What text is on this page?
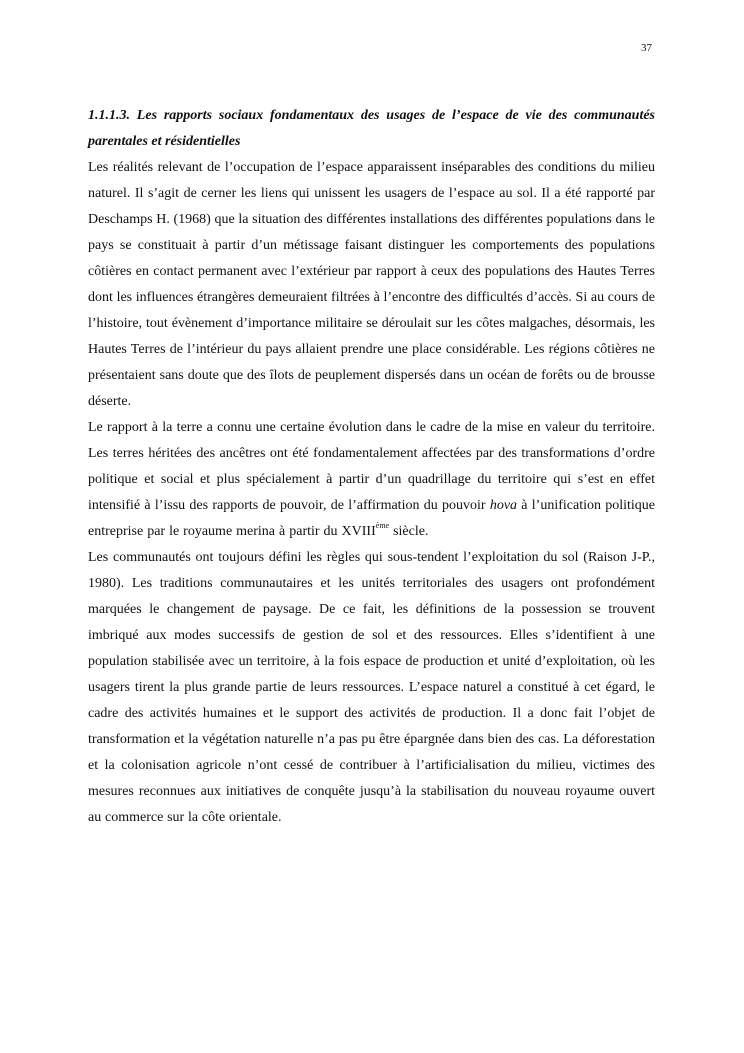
37

1.1.1.3. Les rapports sociaux fondamentaux des usages de l’espace de vie des communautés parentales et résidentielles

Les réalités relevant de l’occupation de l’espace apparaissent inséparables des conditions du milieu naturel. Il s’agit de cerner les liens qui unissent les usagers de l’espace au sol. Il a été rapporté par Deschamps H. (1968) que la situation des différentes installations des différentes populations dans le pays se constituait à partir d’un métissage faisant distinguer les comportements des populations côtières en contact permanent avec l’extérieur par rapport à ceux des populations des Hautes Terres dont les influences étrangères demeuraient filtrées à l’encontre des difficultés d’accès. Si au cours de l’histoire, tout évènement d’importance militaire se déroulait sur les côtes malgaches, désormais, les Hautes Terres de l’intérieur du pays allaient prendre une place considérable. Les régions côtières ne présentaient sans doute que des îlots de peuplement dispersés dans un océan de forêts ou de brousse déserte.

Le rapport à la terre a connu une certaine évolution dans le cadre de la mise en valeur du territoire. Les terres héritées des ancêtres ont été fondamentalement affectées par des transformations d’ordre politique et social et plus spécialement à partir d’un quadrillage du territoire qui s’est en effet intensifié à l’issu des rapports de pouvoir, de l’affirmation du pouvoir hova à l’unification politique entreprise par le royaume merina à partir du XVIIIème siècle.

Les communautés ont toujours défini les règles qui sous-tendent l’exploitation du sol (Raison J-P., 1980). Les traditions communautaires et les unités territoriales des usagers ont profondément marquées le changement de paysage. De ce fait, les définitions de la possession se trouvent imbriqué aux modes successifs de gestion de sol et des ressources. Elles s’identifient à une population stabilisée avec un territoire, à la fois espace de production et unité d’exploitation, où les usagers tirent la plus grande partie de leurs ressources. L’espace naturel a constitué à cet égard, le cadre des activités humaines et le support des activités de production. Il a donc fait l’objet de transformation et la végétation naturelle n’a pas pu être épargnée dans bien des cas. La déforestation et la colonisation agricole n’ont cessé de contribuer à l’artificialisation du milieu, victimes des mesures reconnues aux initiatives de conquête jusqu’à la stabilisation du nouveau royaume ouvert au commerce sur la côte orientale.
